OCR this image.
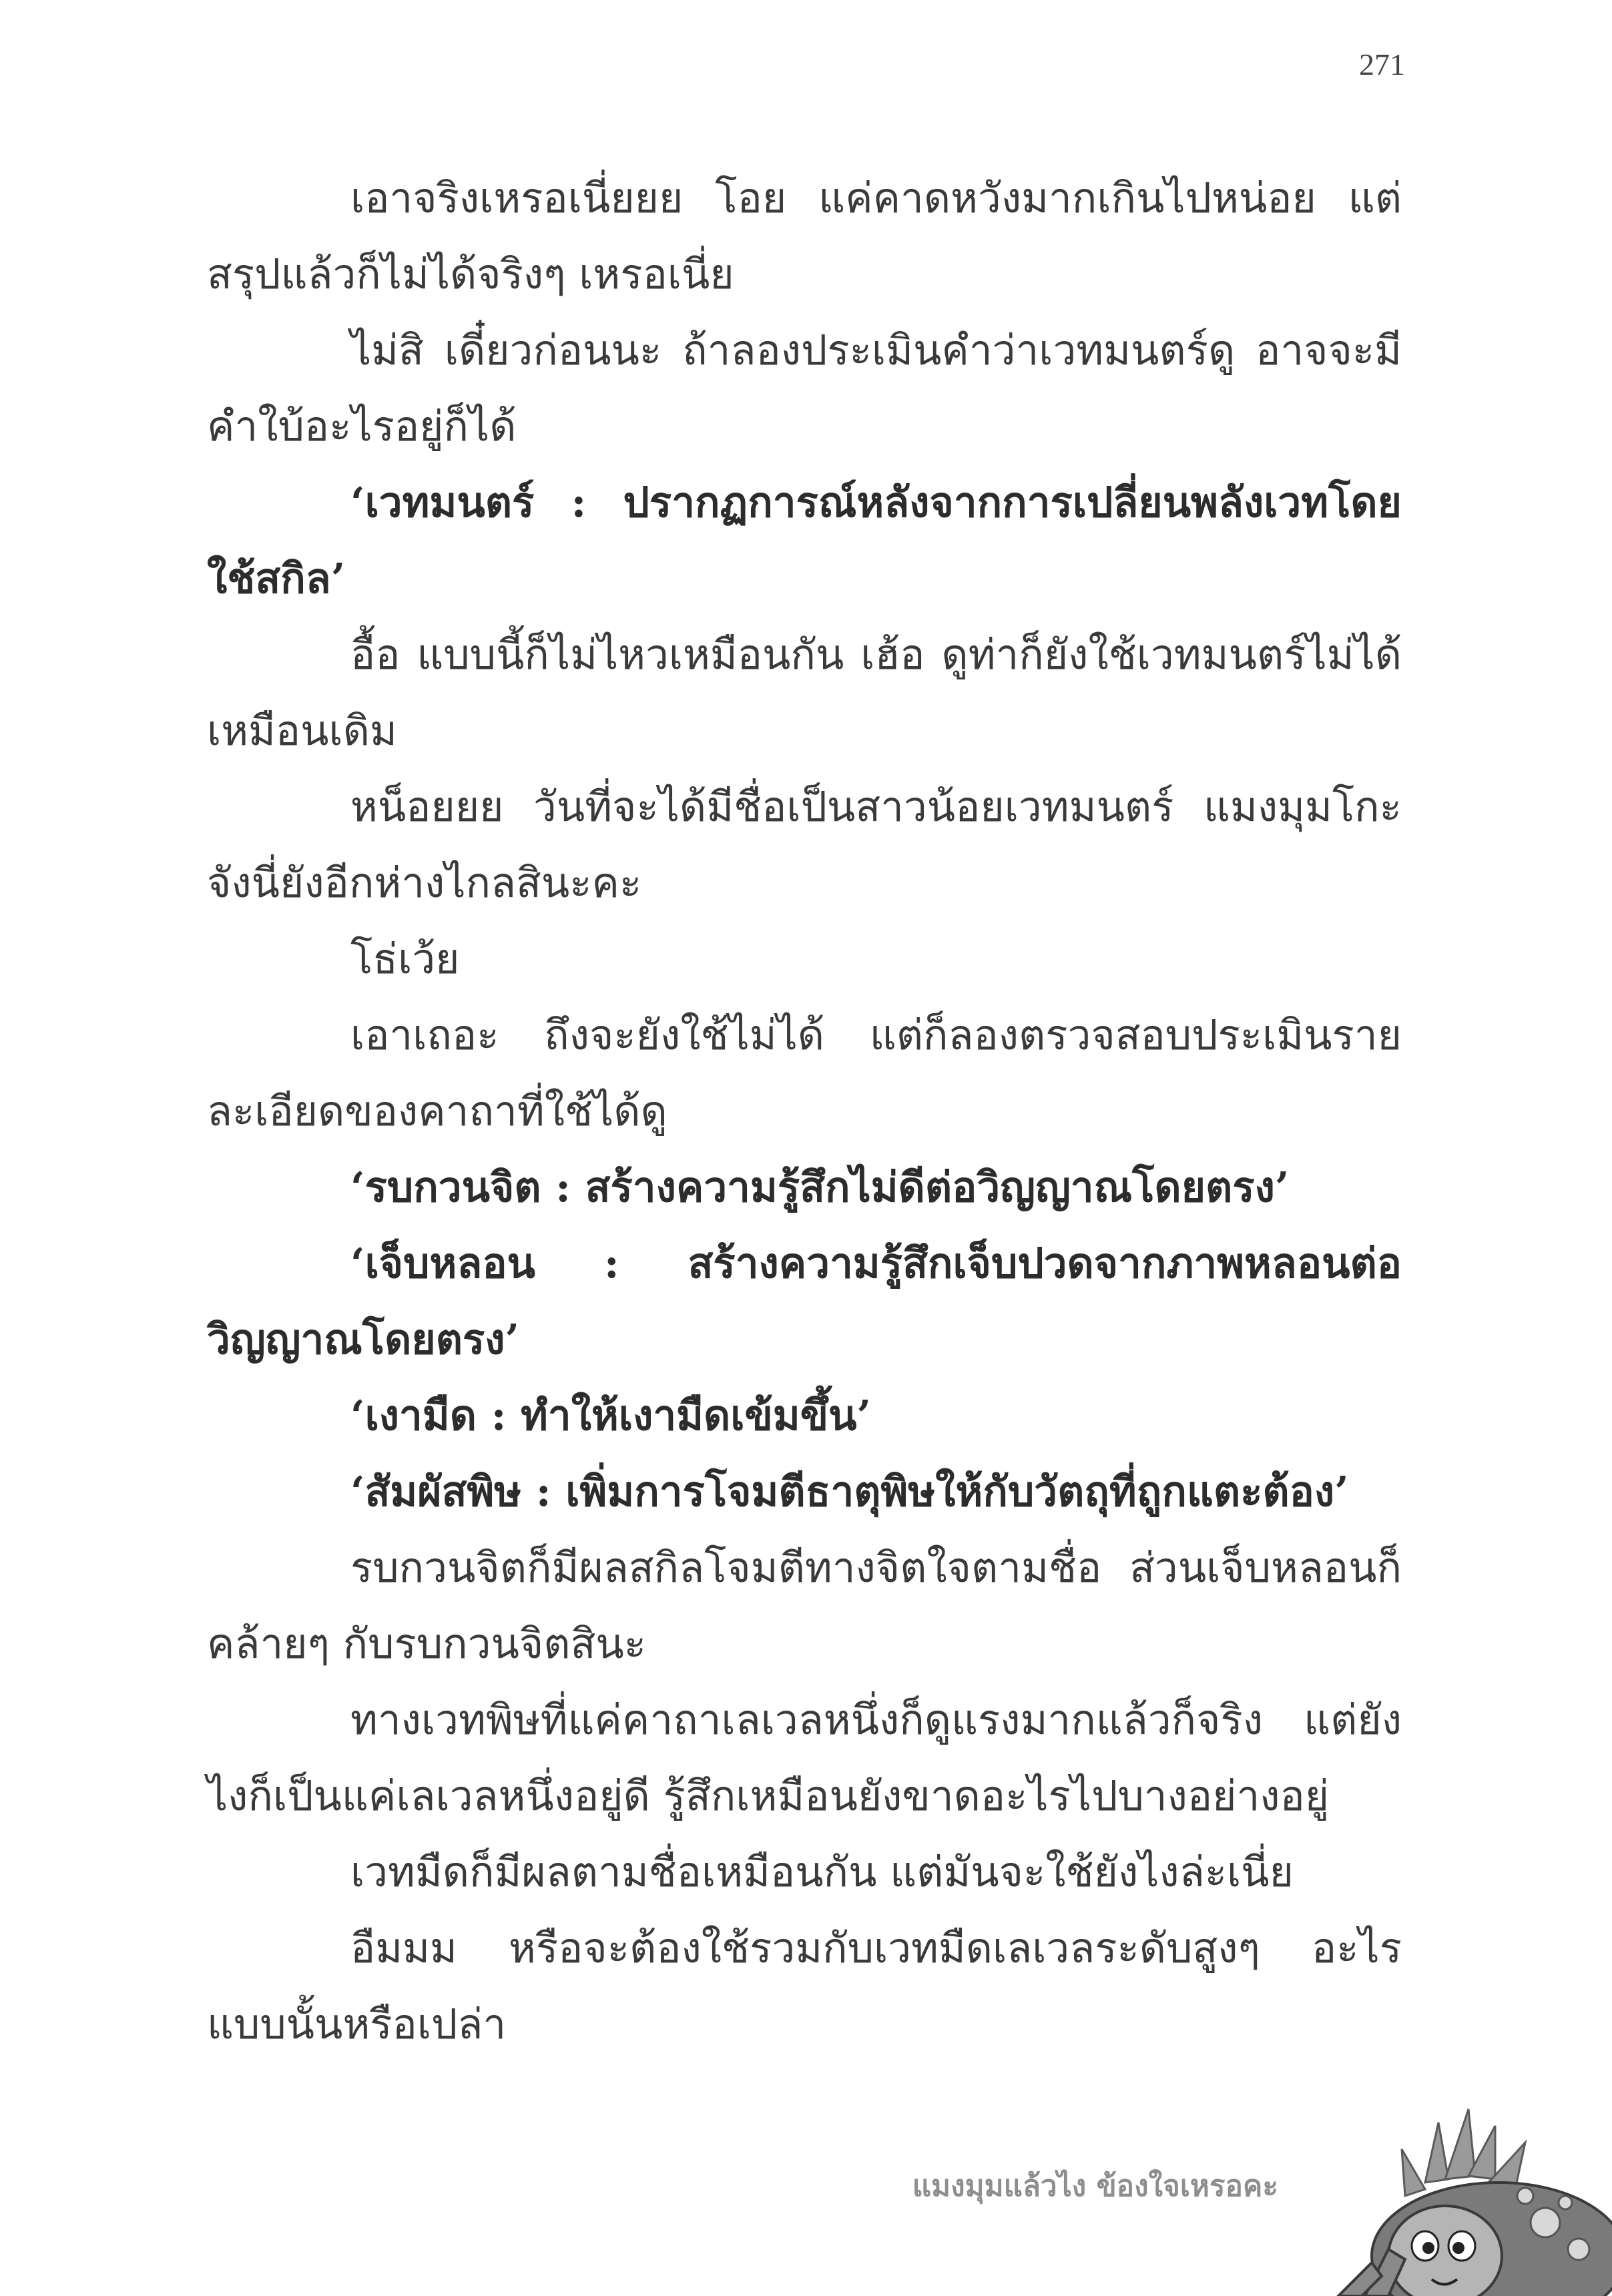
271

เอาจริงเหรอเนี่ยยย โอย แค่คาดหวังมากเกินไปหน่อย แต่สรุปแล้วก็ไม่ได้จริงๆ เหรอเนี่ย

ไม่สิ เดี๋ยวก่อนนะ ถ้าลองประเมินคำว่าเวทมนตร์ดู อาจจะมีคำใบ้อะไรอยู่ก็ได้

‘เวทมนตร์ : ปรากฏการณ์หลังจากการเปลี่ยนพลังเวทโดยใช้สกิล’

อื้อ แบบนี้ก็ไม่ไหวเหมือนกัน เฮ้อ ดูท่าก็ยังใช้เวทมนตร์ไม่ได้เหมือนเดิม

หน็อยยย วันที่จะได้มีชื่อเป็นสาวน้อยเวทมนตร์ แมงมุมโกะจังนี่ยังอีกห่างไกลสินะคะ

โธ่เว้ย

เอาเถอะ ถึงจะยังใช้ไม่ได้ แต่ก็ลองตรวจสอบประเมินรายละเอียดของคาถาที่ใช้ได้ดู

‘รบกวนจิต : สร้างความรู้สึกไม่ดีต่อวิญญาณโดยตรง’

‘เจ็บหลอน : สร้างความรู้สึกเจ็บปวดจากภาพหลอนต่อวิญญาณโดยตรง’

‘เงามืด : ทำให้เงามืดเข้มขึ้น’

‘สัมผัสพิษ : เพิ่มการโจมตีธาตุพิษให้กับวัตถุที่ถูกแตะต้อง’

รบกวนจิตก็มีผลสกิลโจมตีทางจิตใจตามชื่อ ส่วนเจ็บหลอนก็คล้ายๆ กับรบกวนจิตสินะ

ทางเวทพิษที่แค่คาถาเลเวลหนึ่งก็ดูแรงมากแล้วก็จริง แต่ยังไงก็เป็นแค่เลเวลหนึ่งอยู่ดี รู้สึกเหมือนยังขาดอะไรไปบางอย่างอยู่

เวทมืดก็มีผลตามชื่อเหมือนกัน แต่มันจะใช้ยังไงล่ะเนี่ย

อืมมม หรือจะต้องใช้รวมกับเวทมืดเลเวลระดับสูงๆ อะไรแบบนั้นหรือเปล่า

แมงมุมแล้วไง ข้องใจเหรอคะ
